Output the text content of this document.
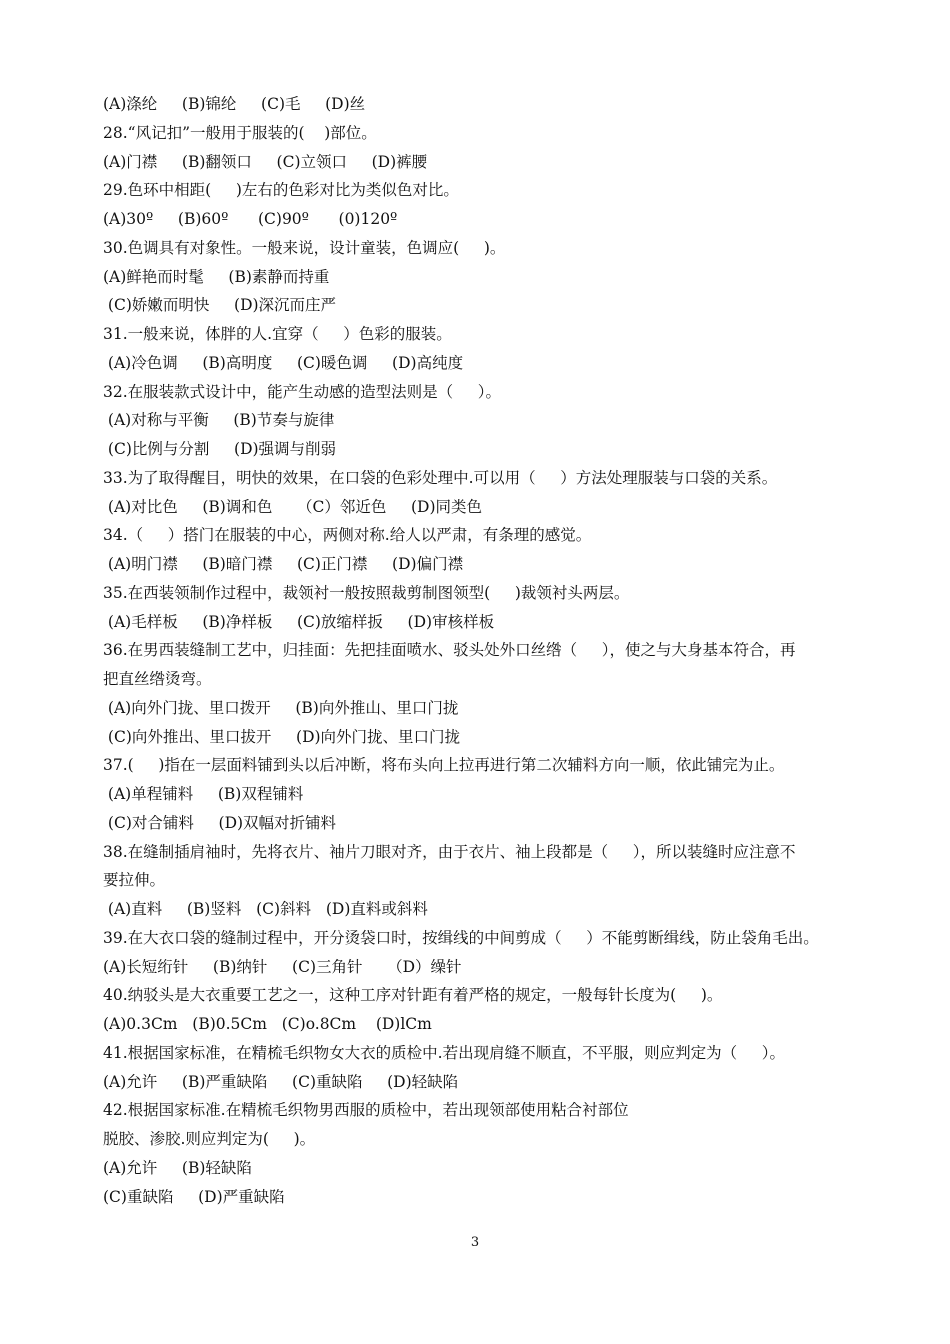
(A)涤纶     (B)锦纶     (C)毛     (D)丝

28.“风记扣”一般用于服装的(    )部位。

(A)门襟     (B)翻领口     (C)立领口     (D)裤腰

29.色环中相距(     )左右的色彩对比为类似色对比。

(A)30º     (B)60º      (C)90º      (0)120º

30.色调具有对象性。一般来说，设计童装，色调应(     )。

(A)鲜艳而时髦     (B)素静而持重

(C)娇嫩而明快     (D)深沉而庄严

31.一般来说，体胖的人.宜穿（     ）色彩的服装。

(A)冷色调     (B)高明度     (C)暖色调     (D)高纯度

32.在服装款式设计中，能产生动感的造型法则是（     ）。

(A)对称与平衡     (B)节奏与旋律

(C)比例与分割     (D)强调与削弱

33.为了取得醒目，明快的效果，在口袋的色彩处理中.可以用（     ）方法处理服装与口袋的关系。

(A)对比色     (B)调和色     （C）邻近色     (D)同类色

34.（     ）搭门在服装的中心，两侧对称.给人以严肃，有条理的感觉。

(A)明门襟     (B)暗门襟     (C)正门襟     (D)偏门襟

35.在西装领制作过程中，裁领衬一般按照裁剪制图领型(     )裁领衬头两层。

(A)毛样板     (B)净样板     (C)放缩样扳     (D)审核样板

36.在男西装缝制工艺中，归挂面：先把挂面喷水、驳头处外口丝绺（     ），使之与大身基本符合，再

把直丝绺烫弯。

(A)向外门拢、里口拨开     (B)向外推山、里口门拢

(C)向外推出、里口拔开     (D)向外门拢、里口门拢

37.(     )指在一层面料铺到头以后冲断，将布头向上拉再进行第二次辅料方向一顺，依此铺完为止。

(A)单程铺料     (B)双程铺料

(C)对合铺料     (D)双幅对折铺料

38.在缝制插肩袖时，先将衣片、袖片刀眼对齐，由于衣片、袖上段都是（     ），所以装缝时应注意不

要拉伸。

(A)直料     (B)竖料   (C)斜料   (D)直料或斜料

39.在大衣口袋的缝制过程中，开分烫袋口时，按缉线的中间剪成（     ）不能剪断缉线，防止袋角毛出。

(A)长短绗针     (B)纳针     (C)三角针     （D）缲针

40.纳驳头是大衣重要工艺之一，这种工序对针距有着严格的规定，一般每针长度为(     )。

(A)0.3Cm   (B)0.5Cm   (C)o.8Cm    (D)lCm

41.根据国家标准，在精梳毛织物女大衣的质检中.若出现肩缝不顺直，不平服，则应判定为（     ）。

(A)允许     (B)严重缺陷     (C)重缺陷     (D)轻缺陷

42.根据国家标准.在精梳毛织物男西服的质检中，若出现领部使用粘合衬部位

脱胶、渗胶.则应判定为(     )。

(A)允许     (B)轻缺陷

(C)重缺陷     (D)严重缺陷

3
